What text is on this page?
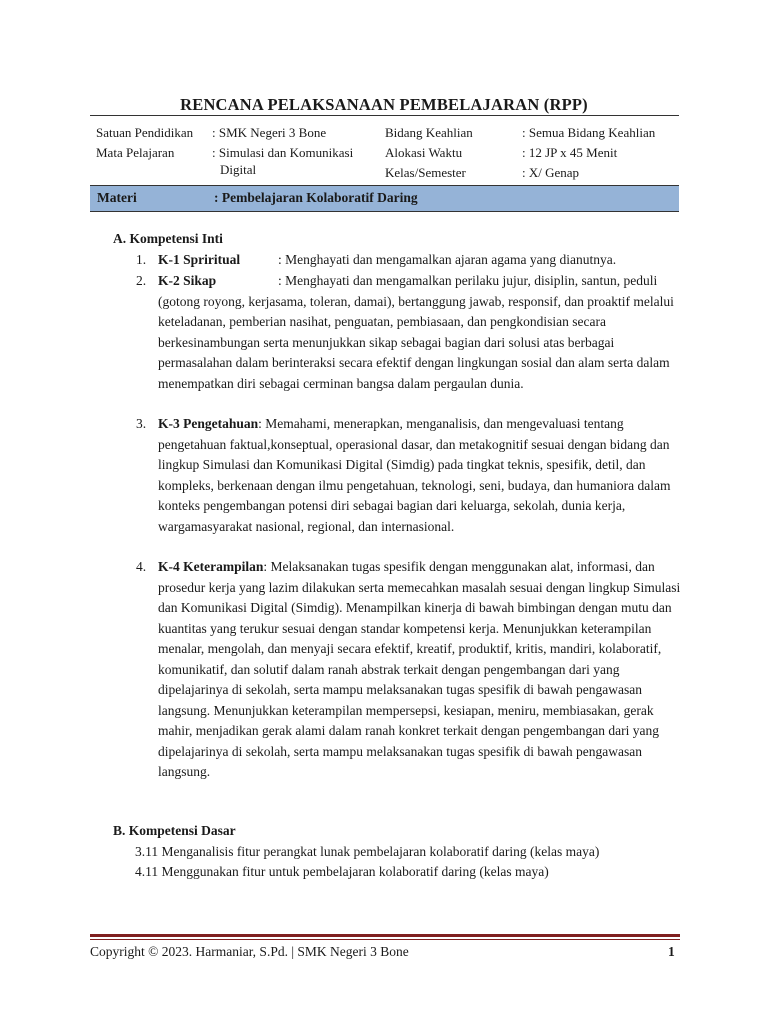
RENCANA PELAKSANAAN PEMBELAJARAN (RPP)
Satuan Pendidikan : SMK Negeri 3 Bone
Mata Pelajaran	: Simulasi dan Komunikasi
Digital
Bidang Keahlian	: Semua Bidang Keahlian
Alokasi Waktu	: 12 JP x 45 Menit
Kelas/Semester	: X/ Genap
Materi	: Pembelajaran Kolaboratif Daring
A. Kompetensi Inti
1. K-1 Spriritual	: Menghayati dan mengamalkan ajaran agama yang dianutnya.
2. K-2 Sikap	: Menghayati dan mengamalkan perilaku jujur, disiplin, santun, peduli (gotong royong, kerjasama, toleran, damai), bertanggung jawab, responsif, dan proaktif melalui keteladanan, pemberian nasihat, penguatan, pembiasaan, dan pengkondisian secara berkesinambungan serta menunjukkan sikap sebagai bagian dari solusi atas berbagai permasalahan dalam berinteraksi secara efektif dengan lingkungan sosial dan alam serta dalam menempatkan diri sebagai cerminan bangsa dalam pergaulan dunia.
3. K-3 Pengetahuan: Memahami, menerapkan, menganalisis, dan mengevaluasi tentang pengetahuan faktual,konseptual, operasional dasar, dan metakognitif sesuai dengan bidang dan lingkup Simulasi dan Komunikasi Digital (Simdig) pada tingkat teknis, spesifik, detil, dan kompleks, berkenaan dengan ilmu pengetahuan, teknologi, seni, budaya, dan humaniora dalam konteks pengembangan potensi diri sebagai bagian dari keluarga, sekolah, dunia kerja, wargamasyarakat nasional, regional, dan internasional.
4. K-4 Keterampilan: Melaksanakan tugas spesifik dengan menggunakan alat, informasi, dan prosedur kerja yang lazim dilakukan serta memecahkan masalah sesuai dengan lingkup Simulasi dan Komunikasi Digital (Simdig). Menampilkan kinerja di bawah bimbingan dengan mutu dan kuantitas yang terukur sesuai dengan standar kompetensi kerja. Menunjukkan keterampilan menalar, mengolah, dan menyaji secara efektif, kreatif, produktif, kritis, mandiri, kolaboratif, komunikatif, dan solutif dalam ranah abstrak terkait dengan pengembangan dari yang dipelajarinya di sekolah, serta mampu melaksanakan tugas spesifik di bawah pengawasan langsung. Menunjukkan keterampilan mempersepsi, kesiapan, meniru, membiasakan, gerak mahir, menjadikan gerak alami dalam ranah konkret terkait dengan pengembangan dari yang dipelajarinya di sekolah, serta mampu melaksanakan tugas spesifik di bawah pengawasan langsung.
B. Kompetensi Dasar
3.11 Menganalisis fitur perangkat lunak pembelajaran kolaboratif daring (kelas maya)
4.11 Menggunakan fitur untuk pembelajaran kolaboratif daring (kelas maya)
Copyright © 2023. Harmaniar, S.Pd. | SMK Negeri 3 Bone	1
